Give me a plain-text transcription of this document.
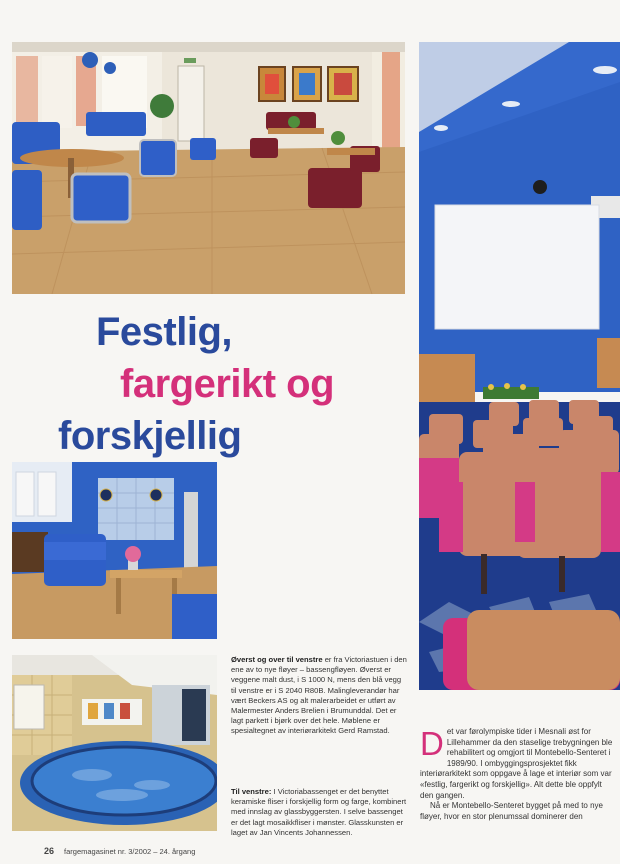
Festlig,
fargerikt og
forskjellig
Øverst og over til venstre er fra Victoriastuen i den ene av to nye fløyer – bassengfløyen. Øverst er veggene malt dust, i S 1000 N, mens den blå vegg til venstre er i S 2040 R80B. Malingleverandør har vært Beckers AS og alt malerarbeidet er utført av Malermester Anders Brelien i Brumunddal. Det er lagt parkett i bjørk over det hele. Møblene er spesialtegnet av interiørarkitekt Gerd Ramstad.
Til venstre: I Victoriabassenget er det benyttet keramiske fliser i forskjellig form og farge, kombinert med innslag av glassbyggersten. I selve bassenget er det lagt mosaikkfliser i mønster. Glasskunsten er laget av Jan Vincents Johannessen.
Det var førolympiske tider i Mesnali øst for Lillehammer da den staselige trebygningen ble rehabilitert og omgjort til Montebello-Senteret i 1989/90. I ombyggingsprosjektet fikk interiørarkitekt som oppgave å lage et interiør som var «festlig, fargerikt og forskjellig». Alt dette ble oppfylt den gangen.
Nå er Montebello-Senteret bygget på med to nye fløyer, hvor en stor plenumssal dominerer den
26 fargemagasinet nr. 3/2002 – 24. årgang
